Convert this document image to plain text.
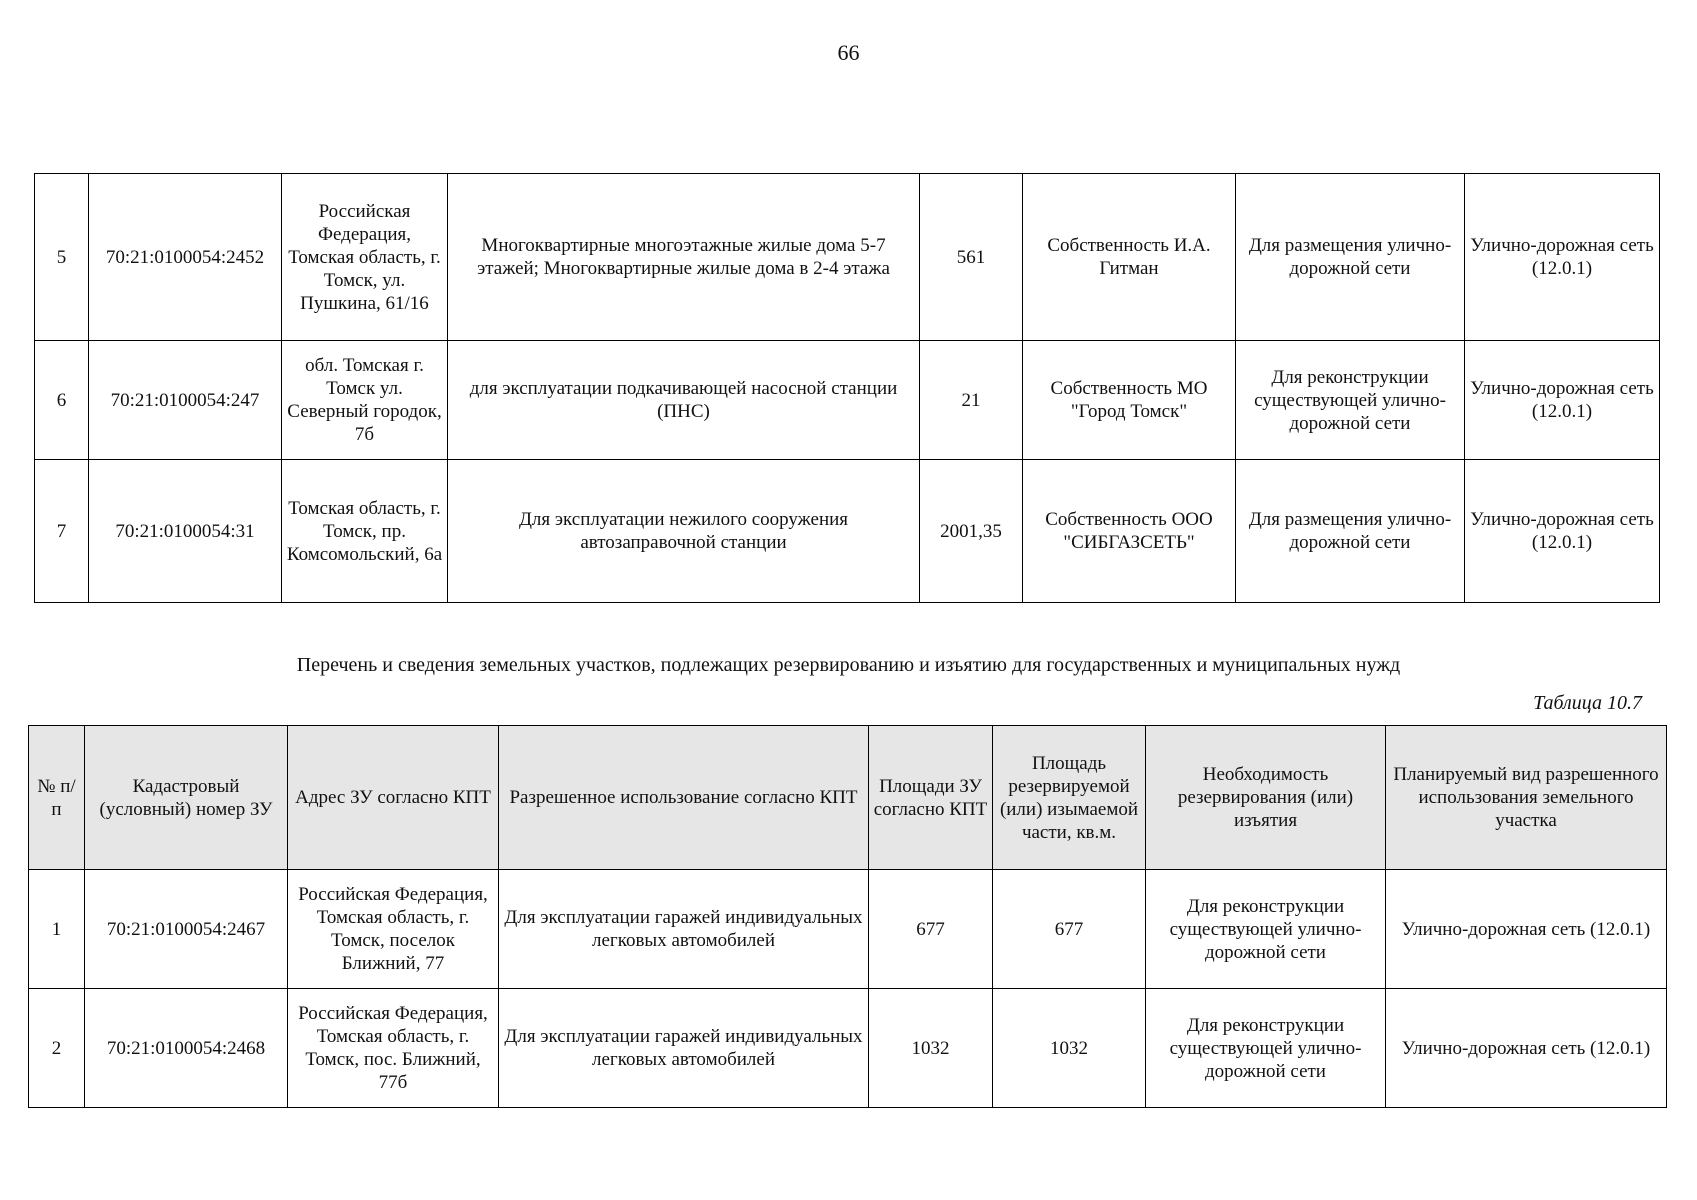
66
5	70:21:0100054:2452	Российская Федерация, Томская область, г. Томск, ул. Пушкина, 61/16	Многоквартирные многоэтажные жилые дома 5-7 этажей; Многоквартирные жилые дома в 2-4 этажа	561	Собственность И.А. Гитман	Для размещения улично-дорожной сети	Улично-дорожная сеть (12.0.1)
6	70:21:0100054:247	обл. Томская г. Томск ул. Северный городок, 7б	для эксплуатации подкачивающей насосной станции (ПНС)	21	Собственность МО "Город Томск"	Для реконструкции существующей улично-дорожной сети	Улично-дорожная сеть (12.0.1)
7	70:21:0100054:31	Томская область, г. Томск, пр. Комсомольский, 6а	Для эксплуатации нежилого сооружения автозаправочной станции	2001,35	Собственность ООО "СИБГАЗСЕТЬ"	Для размещения улично-дорожной сети	Улично-дорожная сеть (12.0.1)
Перечень и сведения земельных участков, подлежащих резервированию и изъятию для государственных и муниципальных нужд
Таблица 10.7
№ п/п	Кадастровый (условный) номер ЗУ	Адрес ЗУ согласно КПТ	Разрешенное использование согласно КПТ	Площади ЗУ согласно КПТ	Площадь резервируемой (или) изымаемой части, кв.м.	Необходимость резервирования (или) изъятия	Планируемый вид разрешенного использования земельного участка
1	70:21:0100054:2467	Российская Федерация, Томская область, г. Томск, поселок Ближний, 77	Для эксплуатации гаражей индивидуальных легковых автомобилей	677	677	Для реконструкции существующей улично-дорожной сети	Улично-дорожная сеть (12.0.1)
2	70:21:0100054:2468	Российская Федерация, Томская область, г. Томск, пос. Ближний, 77б	Для эксплуатации гаражей индивидуальных легковых автомобилей	1032	1032	Для реконструкции существующей улично-дорожной сети	Улично-дорожная сеть (12.0.1)
